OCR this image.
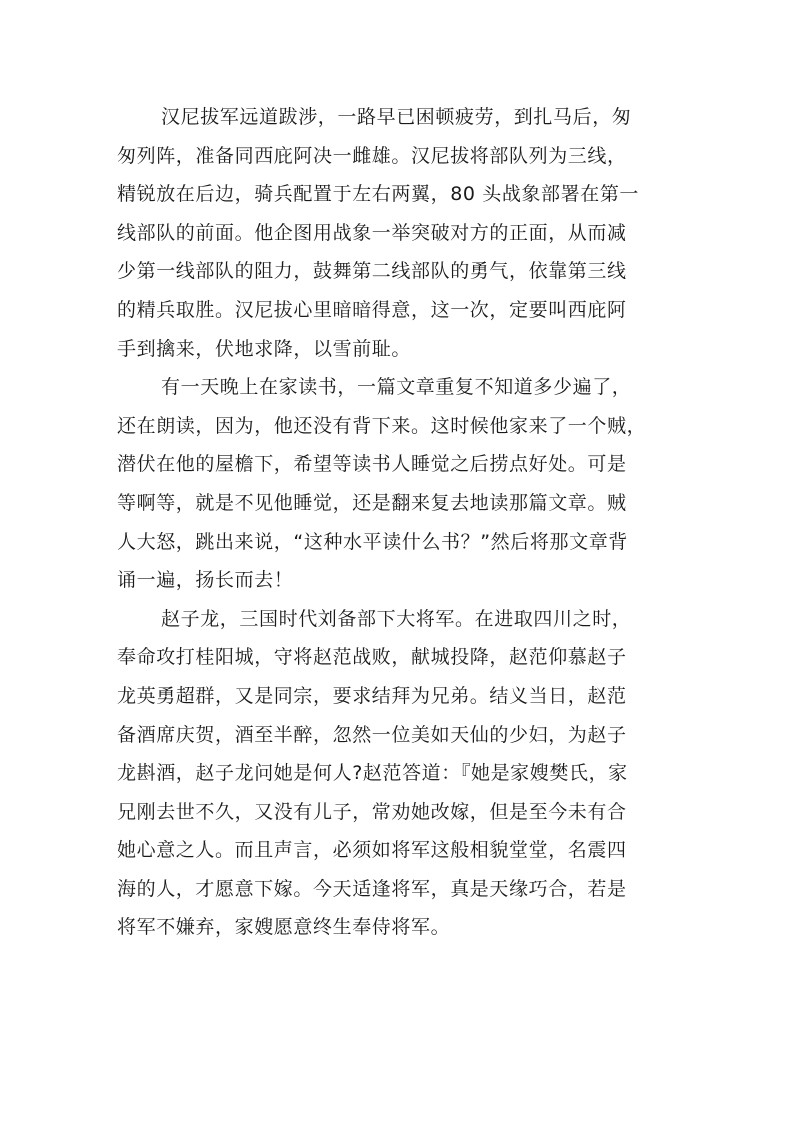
汉尼拔军远道跋涉，一路早已困顿疲劳，到扎马后，匆
匆列阵，准备同西庇阿决一雌雄。汉尼拔将部队列为三线，
精锐放在后边，骑兵配置于左右两翼，80 头战象部署在第一
线部队的前面。他企图用战象一举突破对方的正面，从而减
少第一线部队的阻力，鼓舞第二线部队的勇气，依靠第三线
的精兵取胜。汉尼拔心里暗暗得意，这一次，定要叫西庇阿
手到擒来，伏地求降，以雪前耻。
有一天晚上在家读书，一篇文章重复不知道多少遍了，
还在朗读，因为，他还没有背下来。这时候他家来了一个贼，
潜伏在他的屋檐下，希望等读书人睡觉之后捞点好处。可是
等啊等，就是不见他睡觉，还是翻来复去地读那篇文章。贼
人大怒，跳出来说，“这种水平读什么书？”然后将那文章背
诵一遍，扬长而去！
赵子龙，三国时代刘备部下大将军。在进取四川之时，
奉命攻打桂阳城，守将赵范战败，献城投降，赵范仰慕赵子
龙英勇超群，又是同宗，要求结拜为兄弟。结义当日，赵范
备酒席庆贺，酒至半醉，忽然一位美如天仙的少妇，为赵子
龙斟酒，赵子龙问她是何人?赵范答道：『她是家嫂樊氏，家
兄刚去世不久，又没有儿子，常劝她改嫁，但是至今未有合
她心意之人。而且声言，必须如将军这般相貌堂堂，名震四
海的人，才愿意下嫁。今天适逢将军，真是天缘巧合，若是
将军不嫌弃，家嫂愿意终生奉侍将军。
